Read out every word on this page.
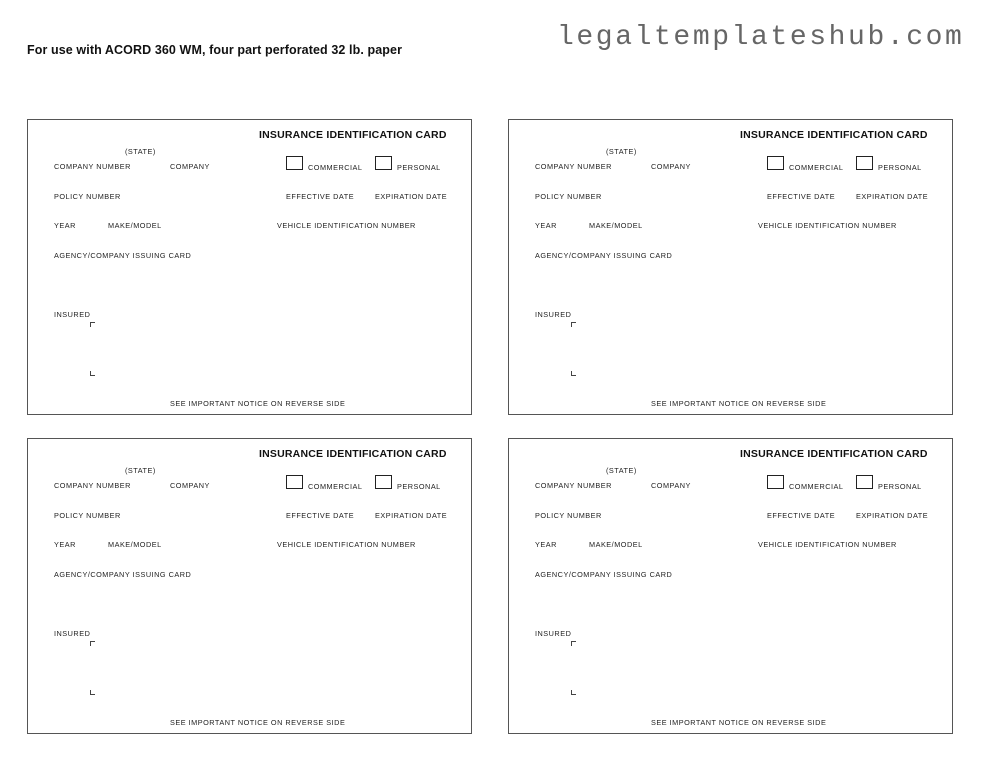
For use with ACORD 360 WM, four part perforated 32 lb. paper	legaltemplateshub.com
INSURANCE IDENTIFICATION CARD
(STATE)
COMPANY NUMBER	COMPANY	COMMERCIAL	PERSONAL
POLICY NUMBER	EFFECTIVE DATE	EXPIRATION DATE
YEAR	MAKE/MODEL	VEHICLE IDENTIFICATION NUMBER
AGENCY/COMPANY ISSUING CARD
INSURED
SEE IMPORTANT NOTICE ON REVERSE SIDE
INSURANCE IDENTIFICATION CARD
(STATE)
COMPANY NUMBER	COMPANY	COMMERCIAL	PERSONAL
POLICY NUMBER	EFFECTIVE DATE	EXPIRATION DATE
YEAR	MAKE/MODEL	VEHICLE IDENTIFICATION NUMBER
AGENCY/COMPANY ISSUING CARD
INSURED
SEE IMPORTANT NOTICE ON REVERSE SIDE
INSURANCE IDENTIFICATION CARD
(STATE)
COMPANY NUMBER	COMPANY	COMMERCIAL	PERSONAL
POLICY NUMBER	EFFECTIVE DATE	EXPIRATION DATE
YEAR	MAKE/MODEL	VEHICLE IDENTIFICATION NUMBER
AGENCY/COMPANY ISSUING CARD
INSURED
SEE IMPORTANT NOTICE ON REVERSE SIDE
INSURANCE IDENTIFICATION CARD
(STATE)
COMPANY NUMBER	COMPANY	COMMERCIAL	PERSONAL
POLICY NUMBER	EFFECTIVE DATE	EXPIRATION DATE
YEAR	MAKE/MODEL	VEHICLE IDENTIFICATION NUMBER
AGENCY/COMPANY ISSUING CARD
INSURED
SEE IMPORTANT NOTICE ON REVERSE SIDE
